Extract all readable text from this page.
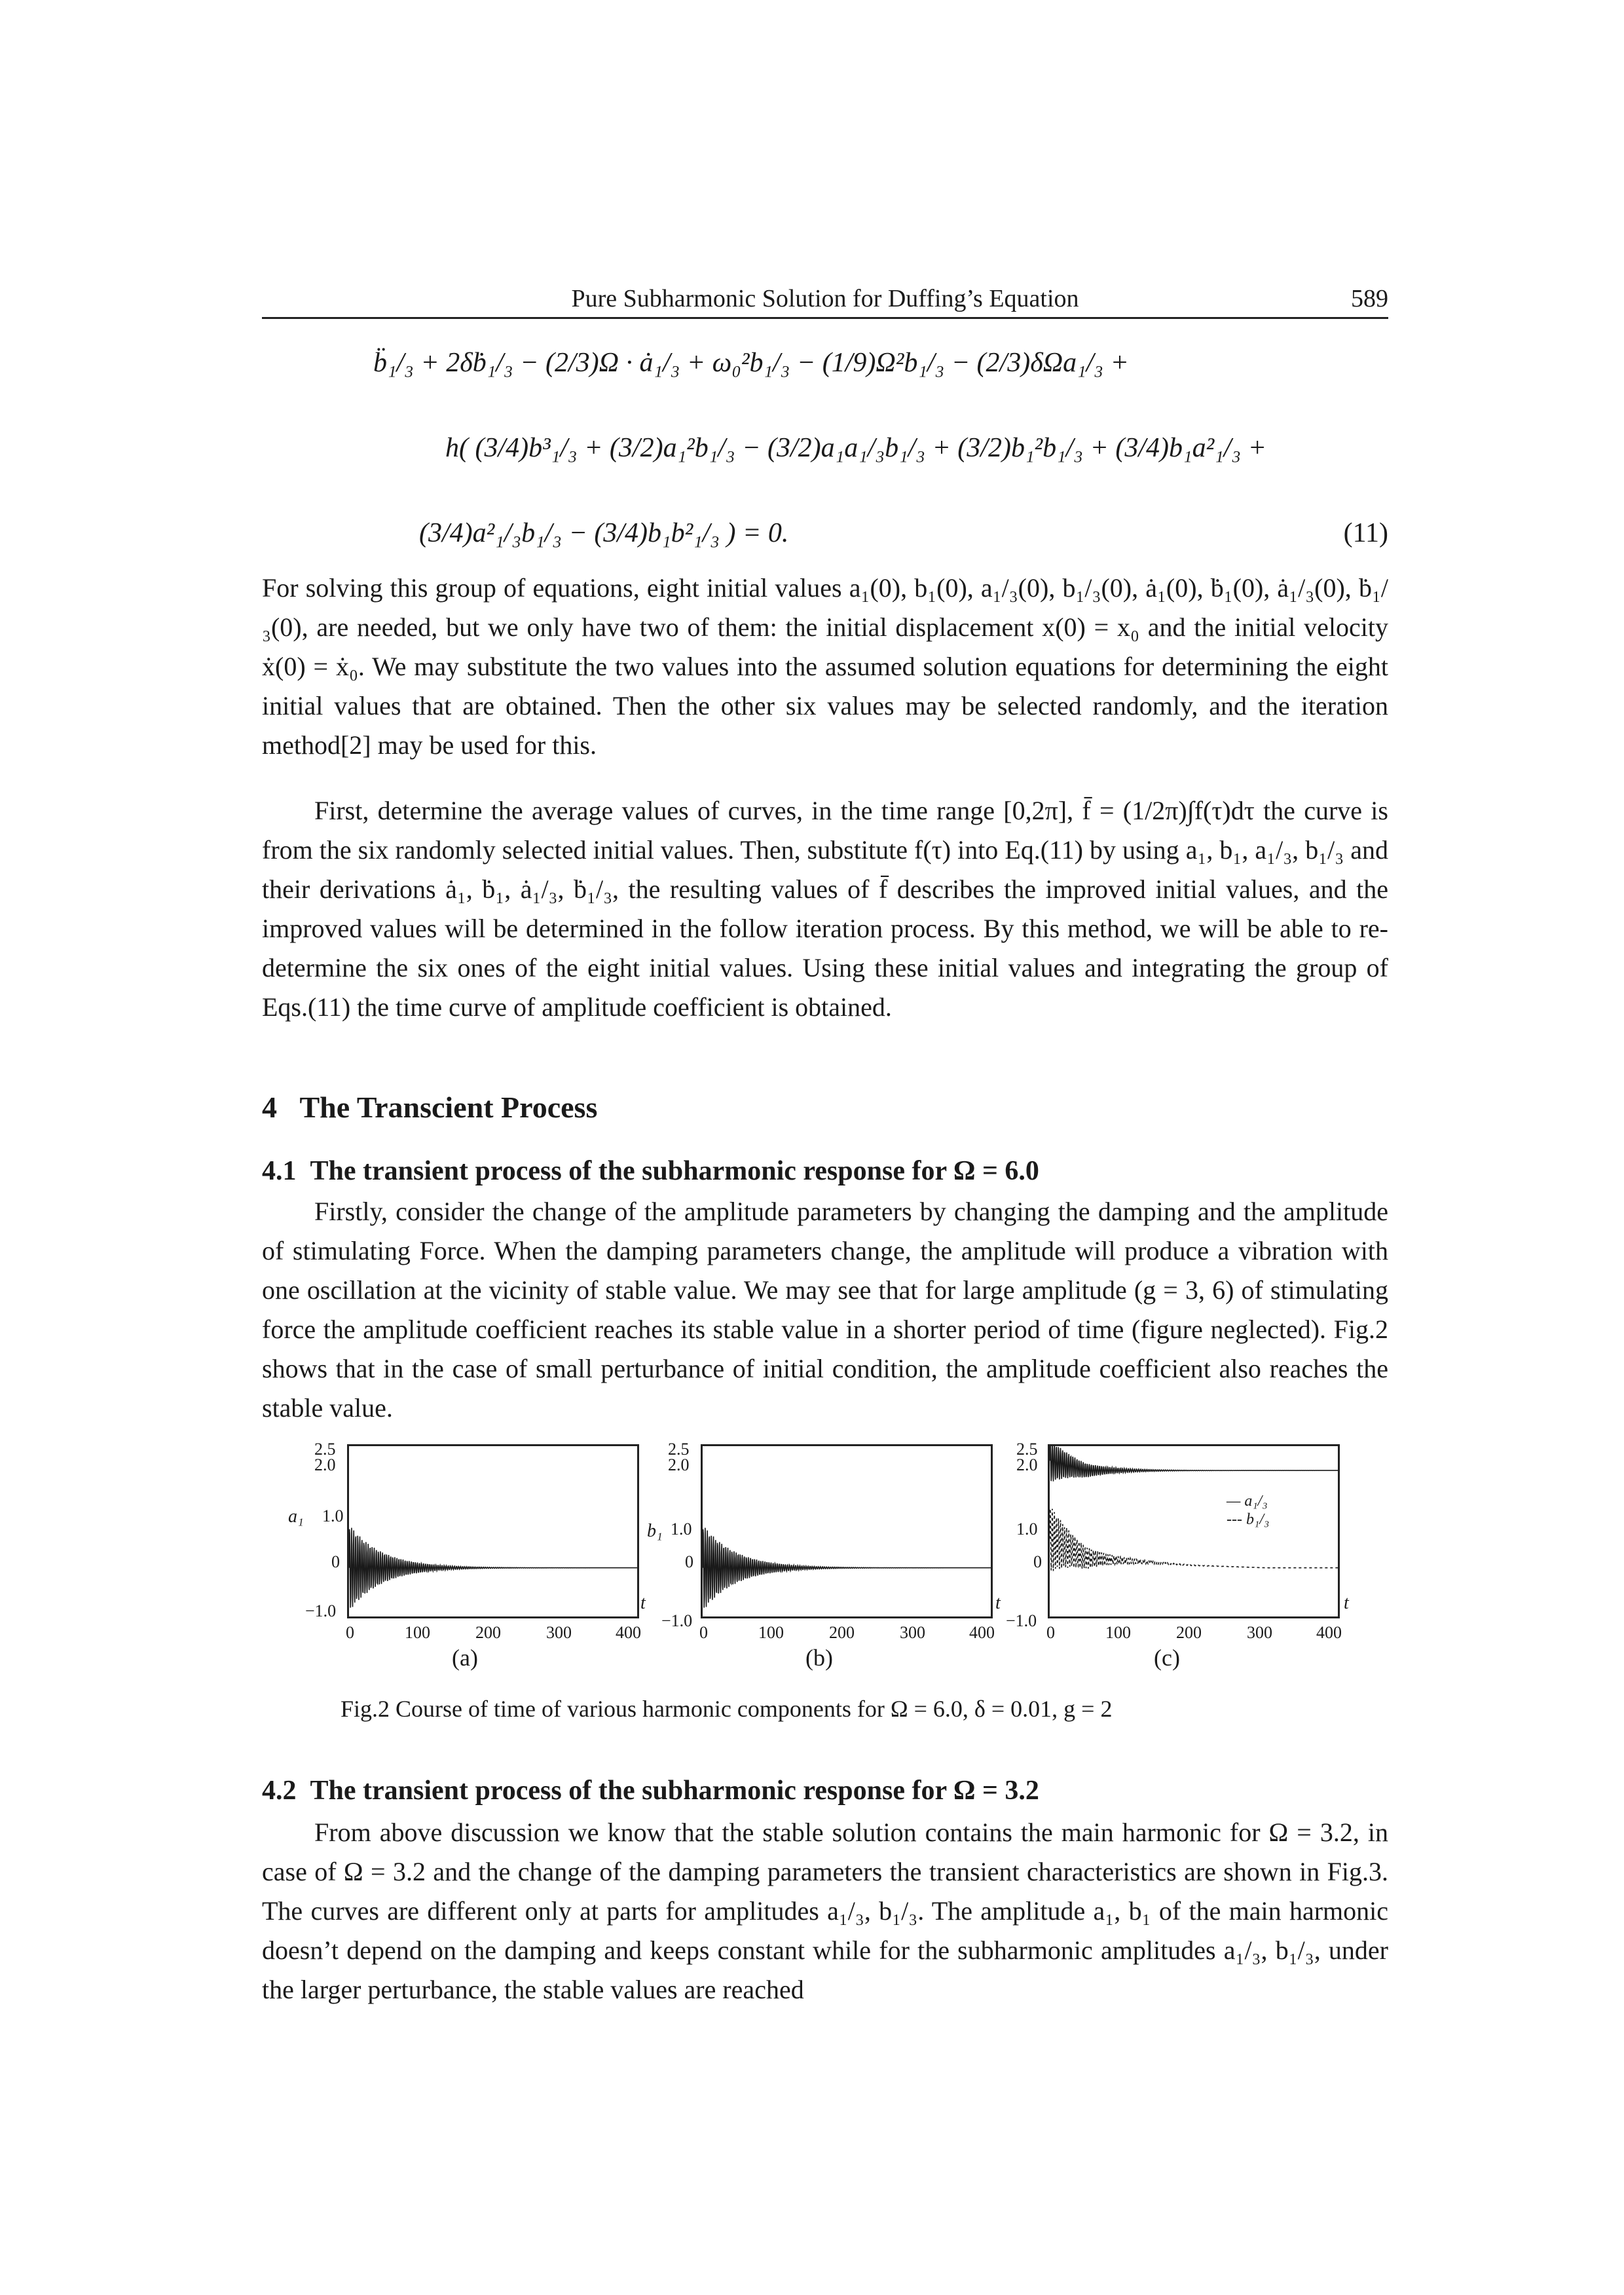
Pure Subharmonic Solution for Duffing’s Equation	589
b̈₁/₃ + 2δḃ₁/₃ − (2/3)Ω · ȧ₁/₃ + ω₀²b₁/₃ − (1/9)Ω²b₁/₃ − (2/3)δΩa₁/₃ +
h( (3/4)b³₁/₃ + (3/2)a₁²b₁/₃ − (3/2)a₁a₁/₃b₁/₃ + (3/2)b₁²b₁/₃ + (3/4)b₁a²₁/₃ +
(3/4)a²₁/₃b₁/₃ − (3/4)b₁b²₁/₃ ) = 0.	(11)
For solving this group of equations, eight initial values a₁(0), b₁(0), a₁/₃(0), b₁/₃(0), ȧ₁(0), ḃ₁(0), ȧ₁/₃(0), ḃ₁/₃(0), are needed, but we only have two of them: the initial displacement x(0) = x₀ and the initial velocity ẋ(0) = ẋ₀. We may substitute the two values into the assumed solution equations for determining the eight initial values that are obtained. Then the other six values may be selected randomly, and the iteration method[2] may be used for this.
First, determine the average values of curves, in the time range [0,2π], f̄ = (1/2π)∫f(τ)dτ the curve is from the six randomly selected initial values. Then, substitute f(τ) into Eq.(11) by using a₁, b₁, a₁/₃, b₁/₃ and their derivations ȧ₁, ḃ₁, ȧ₁/₃, ḃ₁/₃, the resulting values of f̄ describes the improved initial values, and the improved values will be determined in the follow iteration process. By this method, we will be able to re-determine the six ones of the eight initial values. Using these initial values and integrating the group of Eqs.(11) the time curve of amplitude coefficient is obtained.
4 The Transcient Process
4.1 The transient process of the subharmonic response for Ω = 6.0
Firstly, consider the change of the amplitude parameters by changing the damping and the amplitude of stimulating Force. When the damping parameters change, the amplitude will produce a vibration with one oscillation at the vicinity of stable value. We may see that for large amplitude (g = 3, 6) of stimulating force the amplitude coefficient reaches its stable value in a shorter period of time (figure neglected). Fig.2 shows that in the case of small perturbance of initial condition, the amplitude coefficient also reaches the stable value.
— a₁/₃
--- b₁/₃
2.5
2.0
1.0
0
−1.0
a₁
2.5
2.0
1.0
0
−1.0
b₁
2.5
2.0
1.0
0
−1.0
0	100	200	300	400
t
(a)
0	100	200	300	400
t
(b)
0	100	200	300	400
t
(c)
Fig.2 Course of time of various harmonic components for Ω = 6.0, δ = 0.01, g = 2
4.2 The transient process of the subharmonic response for Ω = 3.2
From above discussion we know that the stable solution contains the main harmonic for Ω = 3.2, in case of Ω = 3.2 and the change of the damping parameters the transient characteristics are shown in Fig.3. The curves are different only at parts for amplitudes a₁/₃, b₁/₃. The amplitude a₁, b₁ of the main harmonic doesn’t depend on the damping and keeps constant while for the subharmonic amplitudes a₁/₃, b₁/₃, under the larger perturbance, the stable values are reached
